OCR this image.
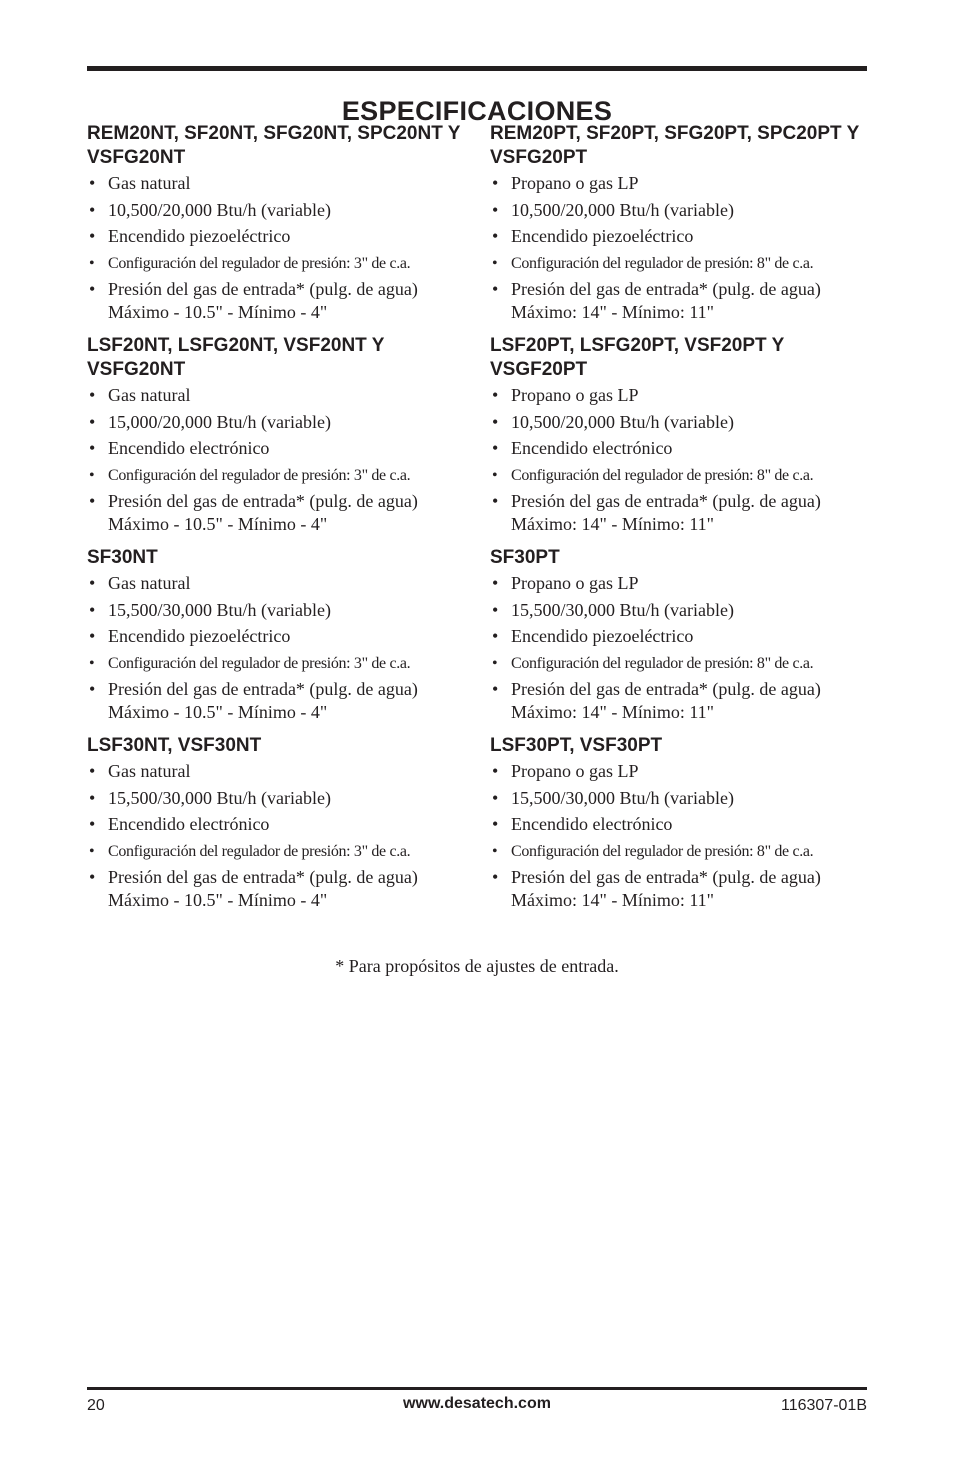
ESPECIFICACIONES
REM20NT, SF20NT, SFG20NT, SPC20NT Y VSFG20NT
• Gas natural
• 10,500/20,000 Btu/h (variable)
• Encendido piezoeléctrico
• Configuración del regulador de presión: 3" de c.a.
• Presión del gas de entrada* (pulg. de agua) Máximo - 10.5" - Mínimo - 4"
LSF20NT, LSFG20NT, VSF20NT Y VSFG20NT
• Gas natural
• 15,000/20,000 Btu/h (variable)
• Encendido electrónico
• Configuración del regulador de presión: 3" de c.a.
• Presión del gas de entrada* (pulg. de agua) Máximo - 10.5" - Mínimo - 4"
SF30NT
• Gas natural
• 15,500/30,000 Btu/h (variable)
• Encendido piezoeléctrico
• Configuración del regulador de presión: 3" de c.a.
• Presión del gas de entrada* (pulg. de agua) Máximo - 10.5" - Mínimo - 4"
LSF30NT, VSF30NT
• Gas natural
• 15,500/30,000 Btu/h (variable)
• Encendido electrónico
• Configuración del regulador de presión: 3" de c.a.
• Presión del gas de entrada* (pulg. de agua) Máximo - 10.5" - Mínimo - 4"
REM20PT, SF20PT, SFG20PT, SPC20PT Y VSFG20PT
• Propano o gas LP
• 10,500/20,000 Btu/h (variable)
• Encendido piezoeléctrico
• Configuración del regulador de presión: 8" de c.a.
• Presión del gas de entrada* (pulg. de agua) Máximo: 14" - Mínimo: 11"
LSF20PT, LSFG20PT, VSF20PT Y VSGF20PT
• Propano o gas LP
• 10,500/20,000 Btu/h (variable)
• Encendido electrónico
• Configuración del regulador de presión: 8" de c.a.
• Presión del gas de entrada* (pulg. de agua) Máximo: 14" - Mínimo: 11"
SF30PT
• Propano o gas LP
• 15,500/30,000 Btu/h (variable)
• Encendido piezoeléctrico
• Configuración del regulador de presión: 8" de c.a.
• Presión del gas de entrada* (pulg. de agua) Máximo: 14" - Mínimo: 11"
LSF30PT, VSF30PT
• Propano o gas LP
• 15,500/30,000 Btu/h (variable)
• Encendido electrónico
• Configuración del regulador de presión: 8" de c.a.
• Presión del gas de entrada* (pulg. de agua) Máximo: 14" - Mínimo: 11"
* Para propósitos de ajustes de entrada.
20	www.desatech.com	116307-01B
